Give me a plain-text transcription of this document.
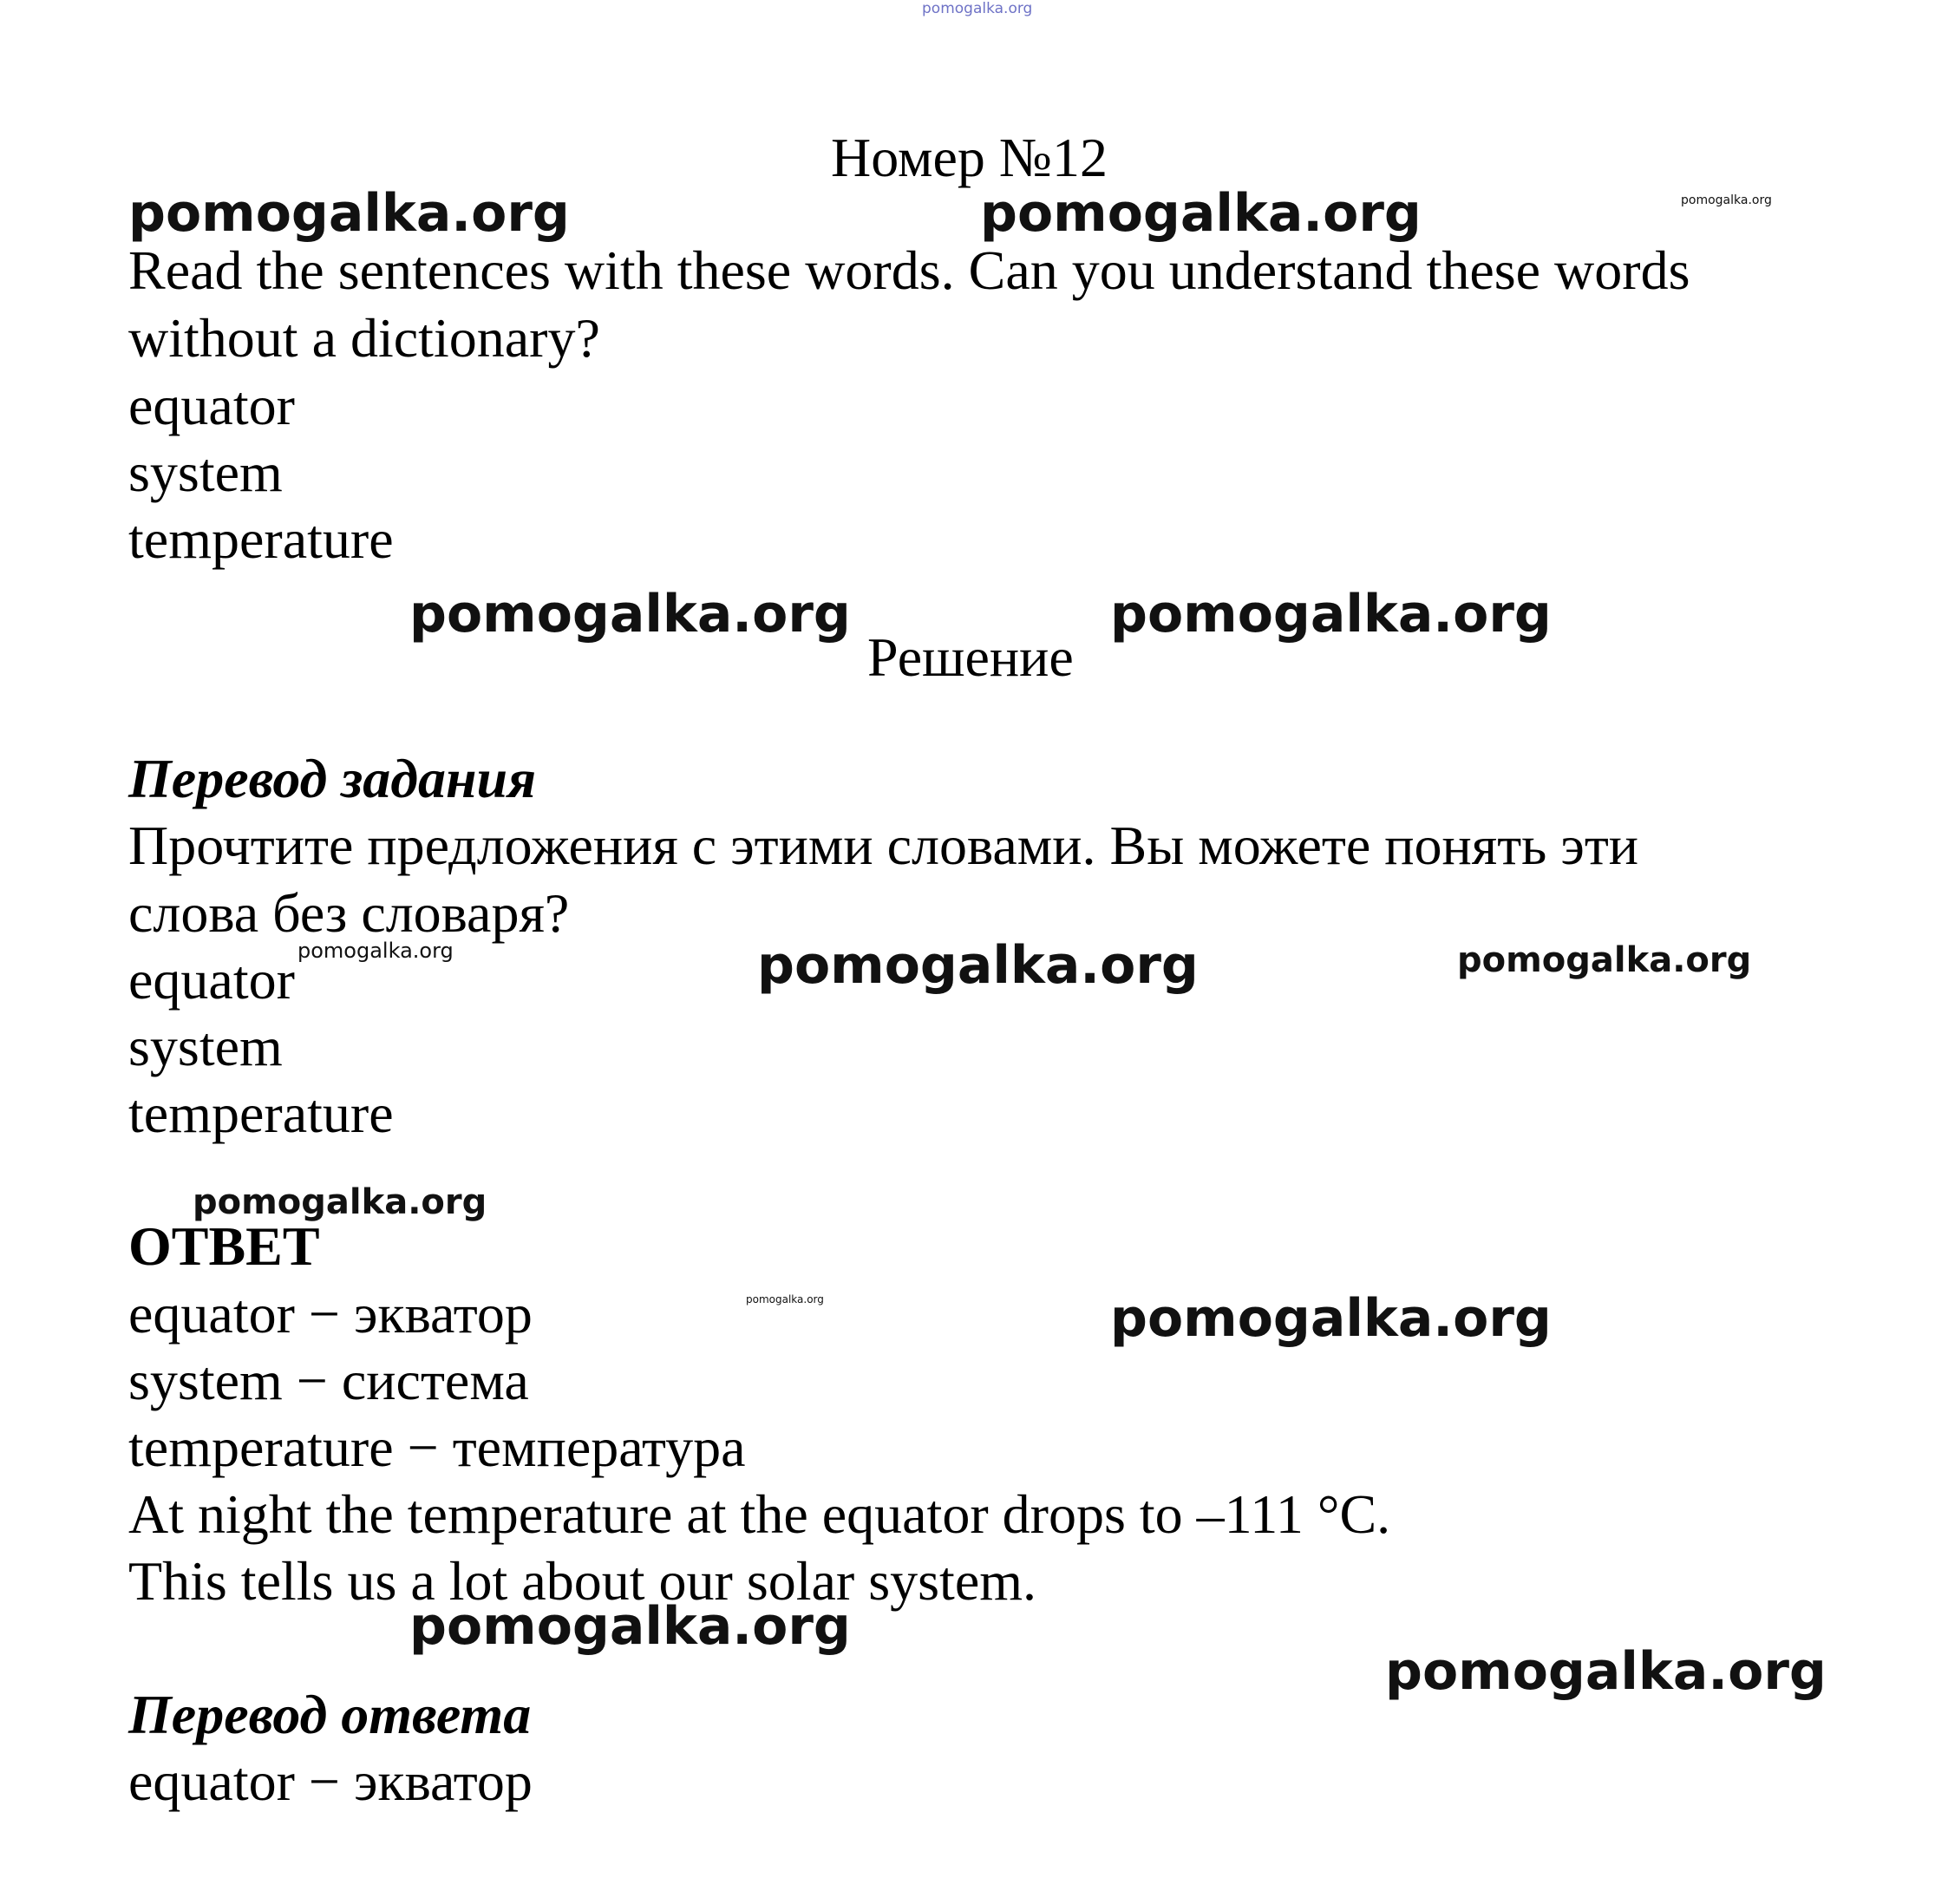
pomogalka.org
Номер №12
Read the sentences with these words. Can you understand these words
without a dictionary?
equator
system
temperature
Решение
Перевод задания
Прочтите предложения с этими словами. Вы можете понять эти
слова без словаря?
equator
system
temperature
ОТВЕТ
equator − экватор
system − система
temperature − температура
At night the temperature at the equator drops to –111 °C.
This tells us a lot about our solar system.
Перевод ответа
equator − экватор
pomogalka.org	pomogalka.org	pomogalka.org
pomogalka.org	pomogalka.org
pomogalka.org	pomogalka.org	pomogalka.org
pomogalka.org
pomogalka.org	pomogalka.org
pomogalka.org
pomogalka.org
